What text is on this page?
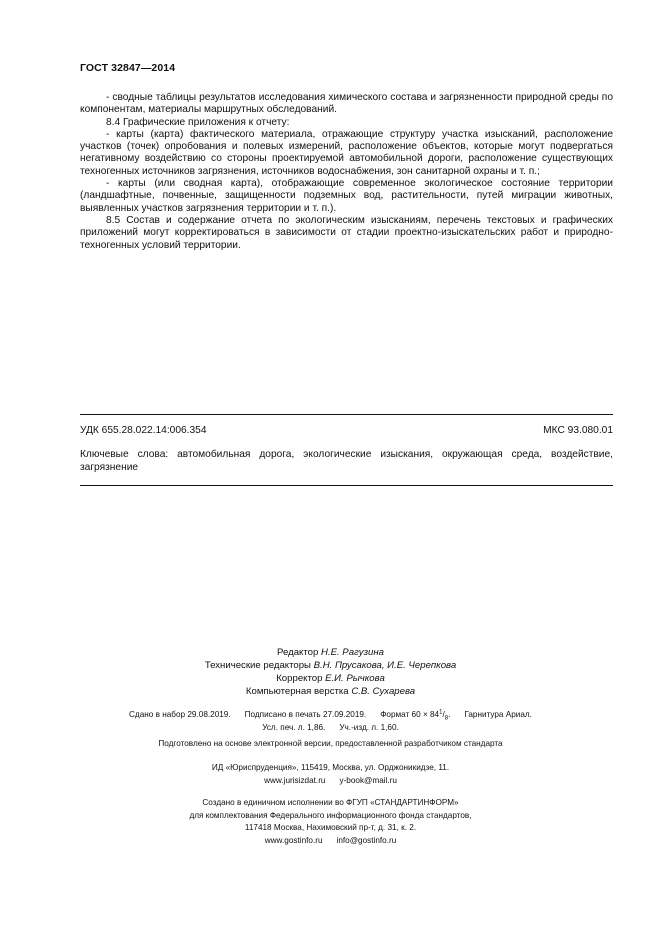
ГОСТ 32847—2014

- сводные таблицы результатов исследования химического состава и загрязненности природной среды по компонентам, материалы маршрутных обследований.

8.4 Графические приложения к отчету:

- карты (карта) фактического материала, отражающие структуру участка изысканий, расположение участков (точек) опробования и полевых измерений, расположение объектов, которые могут подвергаться негативному воздействию со стороны проектируемой автомобильной дороги, расположение существующих техногенных источников загрязнения, источников водоснабжения, зон санитарной охраны и т. п.;

- карты (или сводная карта), отображающие современное экологическое состояние территории (ландшафтные, почвенные, защищенности подземных вод, растительности, путей миграции животных, выявленных участков загрязнения территории и т. п.).

8.5 Состав и содержание отчета по экологическим изысканиям, перечень текстовых и графических приложений могут корректироваться в зависимости от стадии проектно-изыскательских работ и природно-техногенных условий территории.

УДК 655.28.022.14:006.354	МКС 93.080.01
Ключевые слова: автомобильная дорога, экологические изыскания, окружающая среда, воздействие, загрязнение
Редактор Н.Е. Рагузина
Технические редакторы В.Н. Прусакова, И.Е. Черепкова
Корректор Е.И. Рычкова
Компьютерная верстка С.В. Сухарева
Сдано в набор 29.08.2019. Подписано в печать 27.09.2019. Формат $60 \times 84^1/_8$. Гарнитура Ариал.
Усл. печ. л. 1,86. Уч.-изд. л. 1,60.
Подготовлено на основе электронной версии, предоставленной разработчиком стандарта
ИД «Юриспруденция», 115419, Москва, ул. Орджоникидзе, 11.
www.jurisizdat.ru y-book@mail.ru
Создано в единичном исполнении во ФГУП «СТАНДАРТИНФОРМ»
для комплектования Федерального информационного фонда стандартов,
117418 Москва, Нахимовский пр-т, д. 31, к. 2.
www.gostinfo.ru info@gostinfo.ru
